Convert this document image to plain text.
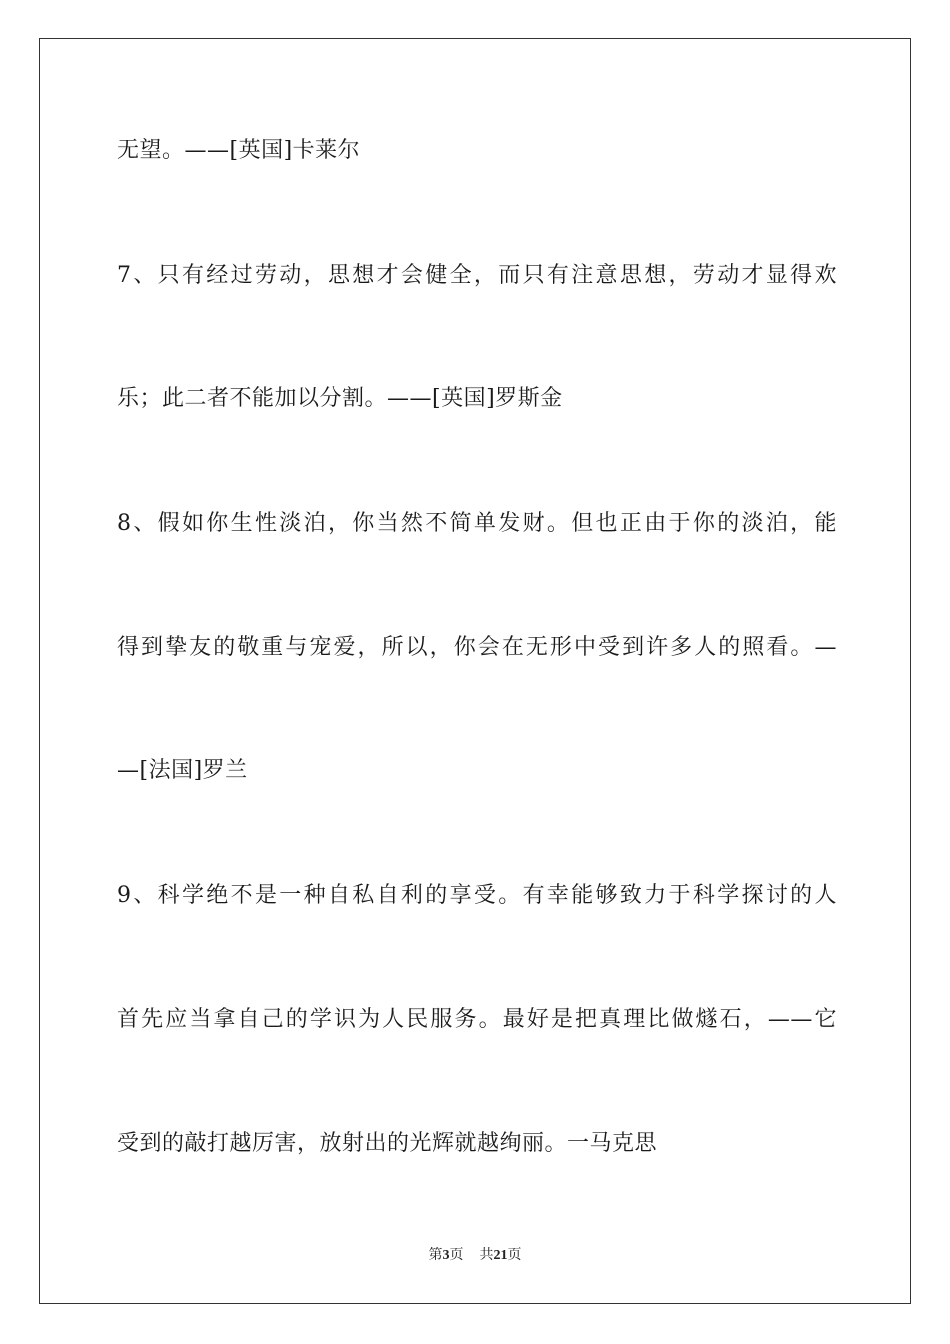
无望。——[英国]卡莱尔
7、只有经过劳动，思想才会健全，而只有注意思想，劳动才显得欢
乐；此二者不能加以分割。——[英国]罗斯金
8、假如你生性淡泊，你当然不简单发财。但也正由于你的淡泊，能
得到挚友的敬重与宠爱，所以，你会在无形中受到许多人的照看。—
—[法国]罗兰
9、科学绝不是一种自私自利的享受。有幸能够致力于科学探讨的人
首先应当拿自己的学识为人民服务。最好是把真理比做燧石，——它
受到的敲打越厉害，放射出的光辉就越绚丽。一马克思
第3页 共21页
